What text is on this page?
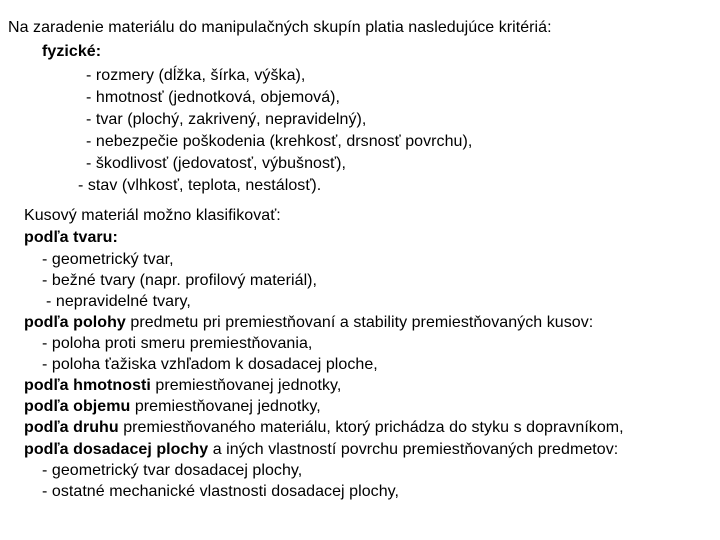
Na zaradenie materiálu do manipulačných skupín platia nasledujúce kritériá:
fyzické:
- rozmery (dĺžka, šírka, výška),
- hmotnosť (jednotková, objemová),
- tvar (plochý, zakrivený, nepravidelný),
- nebezpečie poškodenia (krehkosť, drsnosť povrchu),
- škodlivosť (jedovatosť, výbušnosť),
- stav (vlhkosť, teplota, nestálosť).
Kusový materiál možno klasifikovať:
podľa tvaru:
- geometrický tvar,
- bežné tvary (napr. profilový materiál),
- nepravidelné tvary,
podľa polohy predmetu pri premiestňovaní a stability premiestňovaných kusov:
- poloha proti smeru premiestňovania,
- poloha ťažiska vzhľadom k dosadacej ploche,
podľa hmotnosti premiestňovanej jednotky,
podľa objemu premiestňovanej jednotky,
podľa druhu premiestňovaného materiálu, ktorý prichádza do styku s dopravníkom,
podľa dosadacej plochy a iných vlastností povrchu premiestňovaných predmetov:
- geometrický tvar dosadacej plochy,
- ostatné mechanické vlastnosti dosadacej plochy,
